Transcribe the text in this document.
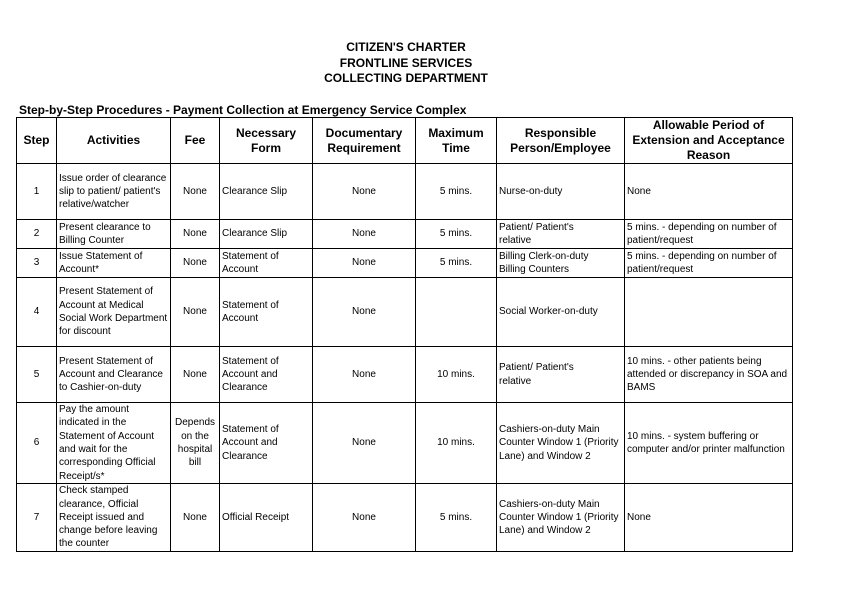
CITIZEN'S CHARTER
FRONTLINE SERVICES
COLLECTING DEPARTMENT
Step-by-Step Procedures - Payment Collection at Emergency Service Complex
Step	Activities	Fee	Necessary Form	Documentary Requirement	Maximum Time	Responsible Person/Employee	Allowable Period of Extension and Acceptance Reason
1	Issue order of clearance slip to patient/ patient's relative/watcher	None	Clearance Slip	None	5 mins.	Nurse-on-duty	None
2	Present clearance to Billing Counter	None	Clearance Slip	None	5 mins.	Patient/ Patient's relative	5 mins. - depending on number of patient/request
3	Issue Statement of Account*	None	Statement of Account	None	5 mins.	Billing Clerk-on-duty Billing Counters	5 mins. - depending on number of patient/request
4	Present Statement of Account at Medical Social Work Department for discount	None	Statement of Account	None		Social Worker-on-duty	
5	Present Statement of Account and Clearance to Cashier-on-duty	None	Statement of Account and Clearance	None	10 mins.	Patient/ Patient's relative	10 mins. - other patients being attended or discrepancy in SOA and BAMS
6	Pay the amount indicated in the Statement of Account and wait for the corresponding Official Receipt/s*	Depends on the hospital bill	Statement of Account and Clearance	None	10 mins.	Cashiers-on-duty Main Counter Window 1 (Priority Lane) and Window 2	10 mins. - system buffering or computer and/or printer malfunction
7	Check stamped clearance, Official Receipt issued and change before leaving the counter	None	Official Receipt	None	5 mins.	Cashiers-on-duty Main Counter Window 1 (Priority Lane) and Window 2	None
